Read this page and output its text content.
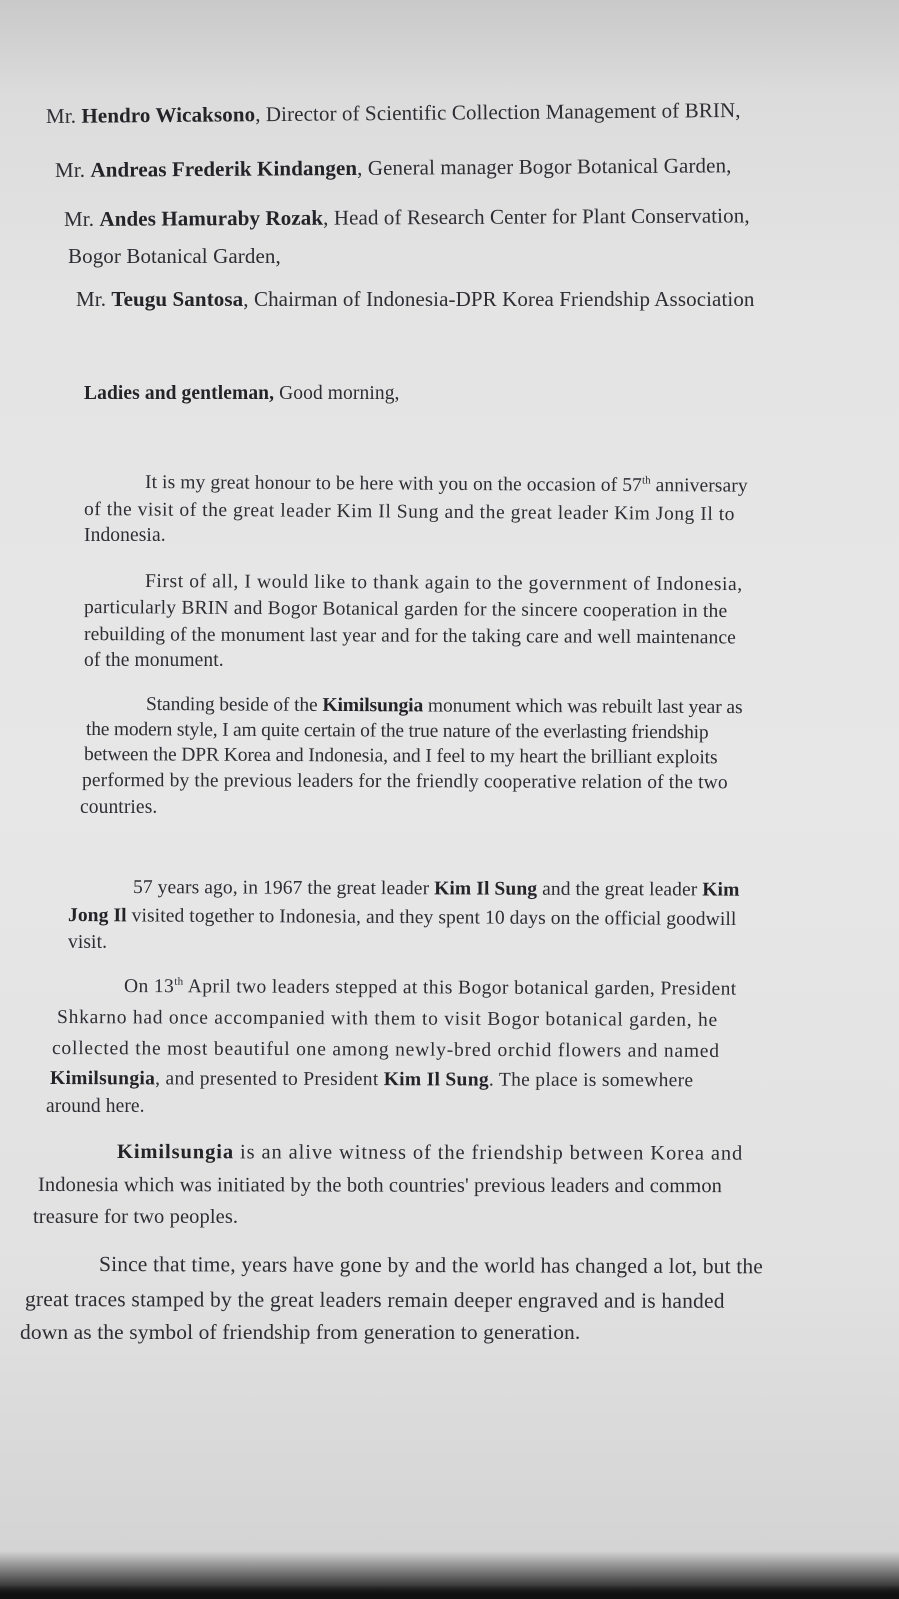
Mr. Hendro Wicaksono, Director of Scientific Collection Management of BRIN,
Mr. Andreas Frederik Kindangen, General manager Bogor Botanical Garden,
Mr. Andes Hamuraby Rozak, Head of Research Center for Plant Conservation,
Bogor Botanical Garden,
Mr. Teugu Santosa, Chairman of Indonesia-DPR Korea Friendship Association
Ladies and gentleman, Good morning,
It is my great honour to be here with you on the occasion of 57th anniversary
of the visit of the great leader Kim Il Sung and the great leader Kim Jong Il to
Indonesia.
First of all, I would like to thank again to the government of Indonesia,
particularly BRIN and Bogor Botanical garden for the sincere cooperation in the
rebuilding of the monument last year and for the taking care and well maintenance
of the monument.
Standing beside of the Kimilsungia monument which was rebuilt last year as
the modern style, I am quite certain of the true nature of the everlasting friendship
between the DPR Korea and Indonesia, and I feel to my heart the brilliant exploits
performed by the previous leaders for the friendly cooperative relation of the two
countries.
57 years ago, in 1967 the great leader Kim Il Sung and the great leader Kim
Jong Il visited together to Indonesia, and they spent 10 days on the official goodwill
visit.
On 13th April two leaders stepped at this Bogor botanical garden, President
Shkarno had once accompanied with them to visit Bogor botanical garden, he
collected the most beautiful one among newly-bred orchid flowers and named
Kimilsungia, and presented to President Kim Il Sung. The place is somewhere
around here.
Kimilsungia is an alive witness of the friendship between Korea and
Indonesia which was initiated by the both countries' previous leaders and common
treasure for two peoples.
Since that time, years have gone by and the world has changed a lot, but the
great traces stamped by the great leaders remain deeper engraved and is handed
down as the symbol of friendship from generation to generation.
